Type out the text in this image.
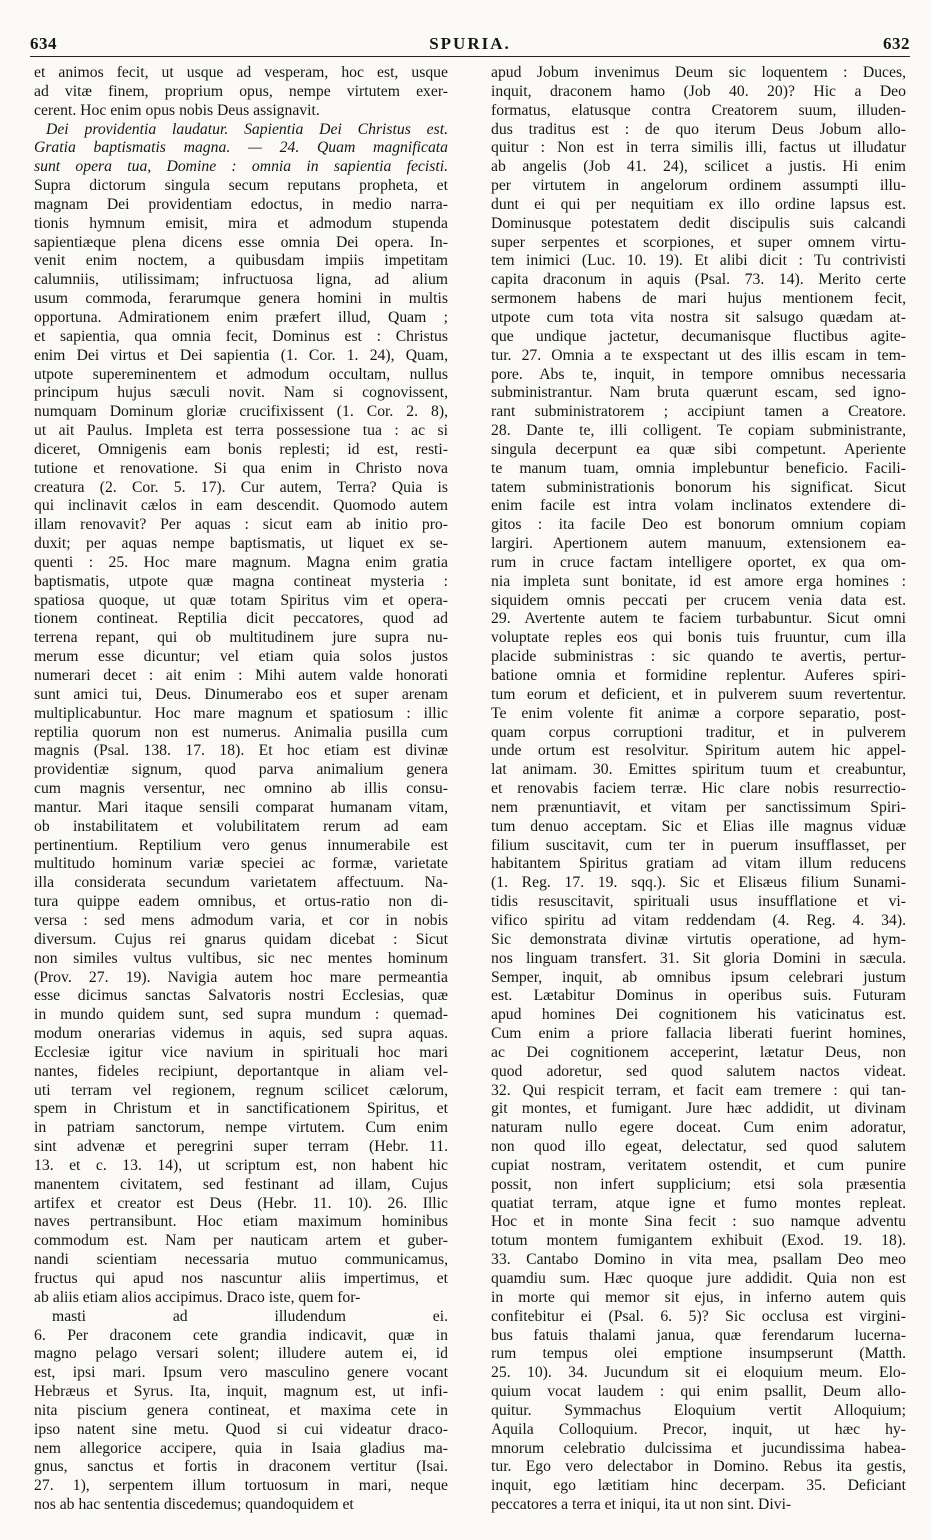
634	SPURIA.	632
et animos fecit, ut usque ad vesperam, hoc est, usque
ad vitæ finem, proprium opus, nempe virtutem exer-
cerent. Hoc enim opus nobis Deus assignavit.
Dei providentia laudatur. Sapientia Dei Christus est.
Gratia baptismatis magna. — 24. Quam magnificata
sunt opera tua, Domine : omnia in sapientia fecisti.
Supra dictorum singula secum reputans propheta, et
magnam Dei providentiam edoctus, in medio narra-
tionis hymnum emisit, mira et admodum stupenda
sapientiæque plena dicens esse omnia Dei opera. In-
venit enim noctem, a quibusdam impiis impetitam
calumniis, utilissimam; infructuosa ligna, ad alium
usum commoda, ferarumque genera homini in multis
opportuna. Admirationem enim præfert illud, Quam ;
et sapientia, qua omnia fecit, Dominus est : Christus
enim Dei virtus et Dei sapientia (1. Cor. 1. 24), Quam,
utpote supereminentem et admodum occultam, nullus
principum hujus sæculi novit. Nam si cognovissent,
numquam Dominum gloriæ crucifixissent (1. Cor. 2. 8),
ut ait Paulus. Impleta est terra possessione tua : ac si
diceret, Omnigenis eam bonis replesti; id est, resti-
tutione et renovatione. Si qua enim in Christo nova
creatura (2. Cor. 5. 17). Cur autem, Terra? Quia is
qui inclinavit cælos in eam descendit. Quomodo autem
illam renovavit? Per aquas : sicut eam ab initio pro-
duxit; per aquas nempe baptismatis, ut liquet ex se-
quenti : 25. Hoc mare magnum. Magna enim gratia
baptismatis, utpote quæ magna contineat mysteria :
spatiosa quoque, ut quæ totam Spiritus vim et opera-
tionem contineat. Reptilia dicit peccatores, quod ad
terrena repant, qui ob multitudinem jure supra nu-
merum esse dicuntur; vel etiam quia solos justos
numerari decet : ait enim : Mihi autem valde honorati
sunt amici tui, Deus. Dinumerabo eos et super arenam
multiplicabuntur. Hoc mare magnum et spatiosum : illic
reptilia quorum non est numerus. Animalia pusilla cum
magnis (Psal. 138. 17. 18). Et hoc etiam est divinæ
providentiæ signum, quod parva animalium genera
cum magnis versentur, nec omnino ab illis consu-
mantur. Mari itaque sensili comparat humanam vitam,
ob instabilitatem et volubilitatem rerum ad eam
pertinentium. Reptilium vero genus innumerabile est
multitudo hominum variæ speciei ac formæ, varietate
illa considerata secundum varietatem affectuum. Na-
tura quippe eadem omnibus, et ortus-ratio non di-
versa : sed mens admodum varia, et cor in nobis
diversum. Cujus rei gnarus quidam dicebat : Sicut
non similes vultus vultibus, sic nec mentes hominum
(Prov. 27. 19). Navigia autem hoc mare permeantia
esse dicimus sanctas Salvatoris nostri Ecclesias, quæ
in mundo quidem sunt, sed supra mundum : quemad-
modum onerarias videmus in aquis, sed supra aquas.
Ecclesiæ igitur vice navium in spirituali hoc mari
nantes, fideles recipiunt, deportantque in aliam vel-
uti terram vel regionem, regnum scilicet cælorum,
spem in Christum et in sanctificationem Spiritus, et
in patriam sanctorum, nempe virtutem. Cum enim
sint advenæ et peregrini super terram (Hebr. 11.
13. et c. 13. 14), ut scriptum est, non habent hic
manentem civitatem, sed festinant ad illam, Cujus
artifex et creator est Deus (Hebr. 11. 10). 26. Illic
naves pertransibunt. Hoc etiam maximum hominibus
commodum est. Nam per nauticam artem et guber-
nandi scientiam necessaria mutuo communicamus,
fructus qui apud nos nascuntur aliis impertimus, et
ab aliis etiam alios accipimus. Draco iste, quem for-
masti ad illudendum ei.
6. Per draconem cete grandia indicavit, quæ in
magno pelago versari solent; illudere autem ei, id
est, ipsi mari. Ipsum vero masculino genere vocant
Hebræus et Syrus. Ita, inquit, magnum est, ut infi-
nita piscium genera contineat, et maxima cete in
ipso natent sine metu. Quod si cui videatur draco-
nem allegorice accipere, quia in Isaia gladius ma-
gnus, sanctus et fortis in draconem vertitur (Isai.
27. 1), serpentem illum tortuosum in mari, neque
nos ab hac sententia discedemus; quandoquidem et
apud Jobum invenimus Deum sic loquentem : Duces,
inquit, draconem hamo (Job 40. 20)? Hic a Deo
formatus, elatusque contra Creatorem suum, illuden-
dus traditus est : de quo iterum Deus Jobum allo-
quitur : Non est in terra similis illi, factus ut illudatur
ab angelis (Job 41. 24), scilicet a justis. Hi enim
per virtutem in angelorum ordinem assumpti illu-
dunt ei qui per nequitiam ex illo ordine lapsus est.
Dominusque potestatem dedit discipulis suis calcandi
super serpentes et scorpiones, et super omnem virtu-
tem inimici (Luc. 10. 19). Et alibi dicit : Tu contrivisti
capita draconum in aquis (Psal. 73. 14). Merito certe
sermonem habens de mari hujus mentionem fecit,
utpote cum tota vita nostra sit salsugo quædam at-
que undique jactetur, decumanisque fluctibus agite-
tur. 27. Omnia a te exspectant ut des illis escam in tem-
pore. Abs te, inquit, in tempore omnibus necessaria
subministrantur. Nam bruta quærunt escam, sed igno-
rant subministratorem ; accipiunt tamen a Creatore.
28. Dante te, illi colligent. Te copiam subministrante,
singula decerpunt ea quæ sibi competunt. Aperiente
te manum tuam, omnia implebuntur beneficio. Facili-
tatem subministrationis bonorum his significat. Sicut
enim facile est intra volam inclinatos extendere di-
gitos : ita facile Deo est bonorum omnium copiam
largiri. Apertionem autem manuum, extensionem ea-
rum in cruce factam intelligere oportet, ex qua om-
nia impleta sunt bonitate, id est amore erga homines :
siquidem omnis peccati per crucem venia data est.
29. Avertente autem te faciem turbabuntur. Sicut omni
voluptate reples eos qui bonis tuis fruuntur, cum illa
placide subministras : sic quando te avertis, pertur-
batione omnia et formidine replentur. Auferes spiri-
tum eorum et deficient, et in pulverem suum revertentur.
Te enim volente fit animæ a corpore separatio, post-
quam corpus corruptioni traditur, et in pulverem
unde ortum est resolvitur. Spiritum autem hic appel-
lat animam. 30. Emittes spiritum tuum et creabuntur,
et renovabis faciem terræ. Hic clare nobis resurrectio-
nem prænuntiavit, et vitam per sanctissimum Spiri-
tum denuo acceptam. Sic et Elias ille magnus viduæ
filium suscitavit, cum ter in puerum insufflasset, per
habitantem Spiritus gratiam ad vitam illum reducens
(1. Reg. 17. 19. sqq.). Sic et Elisæus filium Sunami-
tidis resuscitavit, spirituali usus insufflatione et vi-
vifico spiritu ad vitam reddendam (4. Reg. 4. 34).
Sic demonstrata divinæ virtutis operatione, ad hym-
nos linguam transfert. 31. Sit gloria Domini in sæcula.
Semper, inquit, ab omnibus ipsum celebrari justum
est. Lætabitur Dominus in operibus suis. Futuram
apud homines Dei cognitionem his vaticinatus est.
Cum enim a priore fallacia liberati fuerint homines,
ac Dei cognitionem acceperint, lætatur Deus, non
quod adoretur, sed quod salutem nactos videat.
32. Qui respicit terram, et facit eam tremere : qui tan-
git montes, et fumigant. Jure hæc addidit, ut divinam
naturam nullo egere doceat. Cum enim adoratur,
non quod illo egeat, delectatur, sed quod salutem
cupiat nostram, veritatem ostendit, et cum punire
possit, non infert supplicium; etsi sola præsentia
quatiat terram, atque igne et fumo montes repleat.
Hoc et in monte Sina fecit : suo namque adventu
totum montem fumigantem exhibuit (Exod. 19. 18).
33. Cantabo Domino in vita mea, psallam Deo meo
quamdiu sum. Hæc quoque jure addidit. Quia non est
in morte qui memor sit ejus, in inferno autem quis
confitebitur ei (Psal. 6. 5)? Sic occlusa est virgini-
bus fatuis thalami janua, quæ ferendarum lucerna-
rum tempus olei emptione insumpserunt (Matth.
25. 10). 34. Jucundum sit ei eloquium meum. Elo-
quium vocat laudem : qui enim psallit, Deum allo-
quitur. Symmachus Eloquium vertit Alloquium;
Aquila Colloquium. Precor, inquit, ut hæc hy-
mnorum celebratio dulcissima et jucundissima habea-
tur. Ego vero delectabor in Domino. Rebus ita gestis,
inquit, ego lætitiam hinc decerpam. 35. Deficiant
peccatores a terra et iniqui, ita ut non sint. Divi-
